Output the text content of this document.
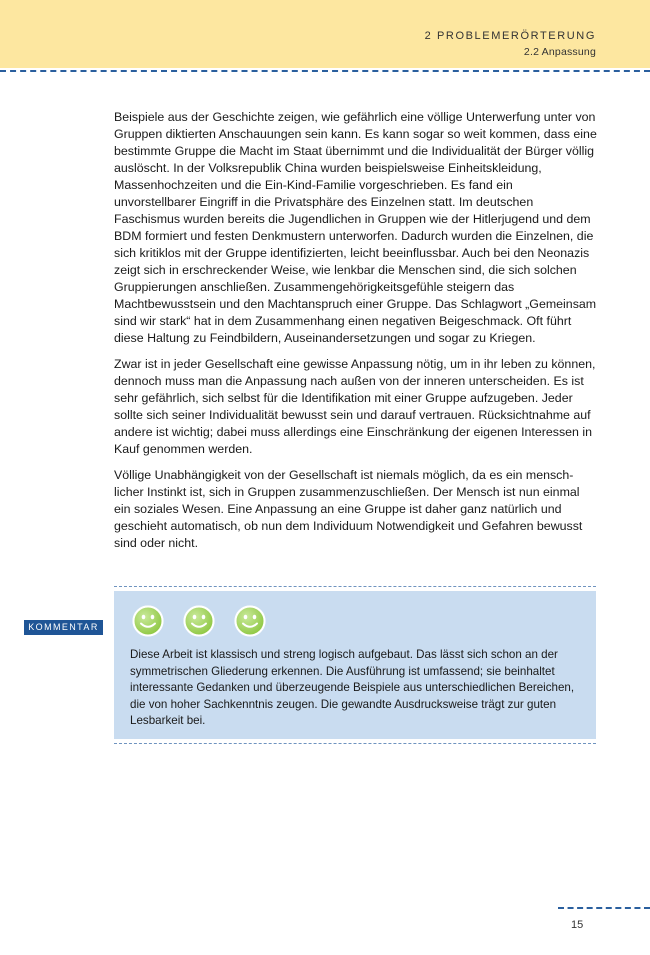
2 PROBLEMERÖRTERUNG
2.2 Anpassung

Beispiele aus der Geschichte zeigen, wie gefährlich eine völlige Unterwerfung unter von Gruppen diktierten Anschauungen sein kann. Es kann sogar so weit kommen, dass eine bestimmte Gruppe die Macht im Staat übernimmt und die Individualität der Bürger völlig auslöscht. In der Volksrepublik China wurden beispielsweise Einheitskleidung, Massenhochzeiten und die Ein-Kind-Familie vorgeschrieben. Es fand ein unvorstellbarer Eingriff in die Privatsphäre des Einzelnen statt. Im deutschen Faschismus wurden bereits die Jugendlichen in Gruppen wie der Hitlerjugend und dem BDM formiert und festen Denkmustern unterworfen. Dadurch wurden die Einzelnen, die sich kritiklos mit der Gruppe identifizierten, leicht beeinflussbar. Auch bei den Neonazis zeigt sich in erschreckender Weise, wie lenkbar die Menschen sind, die sich solchen Gruppierungen anschließen. Zusammengehörigkeitsgefühle steigern das Machtbewusstsein und den Machtanspruch einer Gruppe. Das Schlagwort „Gemeinsam sind wir stark“ hat in dem Zusammenhang einen negativen Beigeschmack. Oft führt diese Haltung zu Feindbildern, Auseinandersetzungen und sogar zu Kriegen.

Zwar ist in jeder Gesellschaft eine gewisse Anpassung nötig, um in ihr leben zu können, dennoch muss man die Anpassung nach außen von der inneren unterscheiden. Es ist sehr gefährlich, sich selbst für die Identifikation mit einer Gruppe aufzugeben. Jeder sollte sich seiner Individualität bewusst sein und darauf vertrauen. Rücksichtnahme auf andere ist wichtig; dabei muss allerdings eine Einschränkung der eigenen Interessen in Kauf genommen werden.

Völlige Unabhängigkeit von der Gesellschaft ist niemals möglich, da es ein menschlicher Instinkt ist, sich in Gruppen zusammenzuschließen. Der Mensch ist nun einmal ein soziales Wesen. Eine Anpassung an eine Gruppe ist daher ganz natürlich und geschieht automatisch, ob nun dem Individuum Notwendigkeit und Gefahren bewusst sind oder nicht.

KOMMENTAR
Diese Arbeit ist klassisch und streng logisch aufgebaut. Das lässt sich schon an der symmetrischen Gliederung erkennen. Die Ausführung ist umfassend; sie beinhaltet interessante Gedanken und überzeugende Beispiele aus unterschiedlichen Bereichen, die von hoher Sachkenntnis zeugen. Die gewandte Ausdrucksweise trägt zur guten Lesbarkeit bei.
15
